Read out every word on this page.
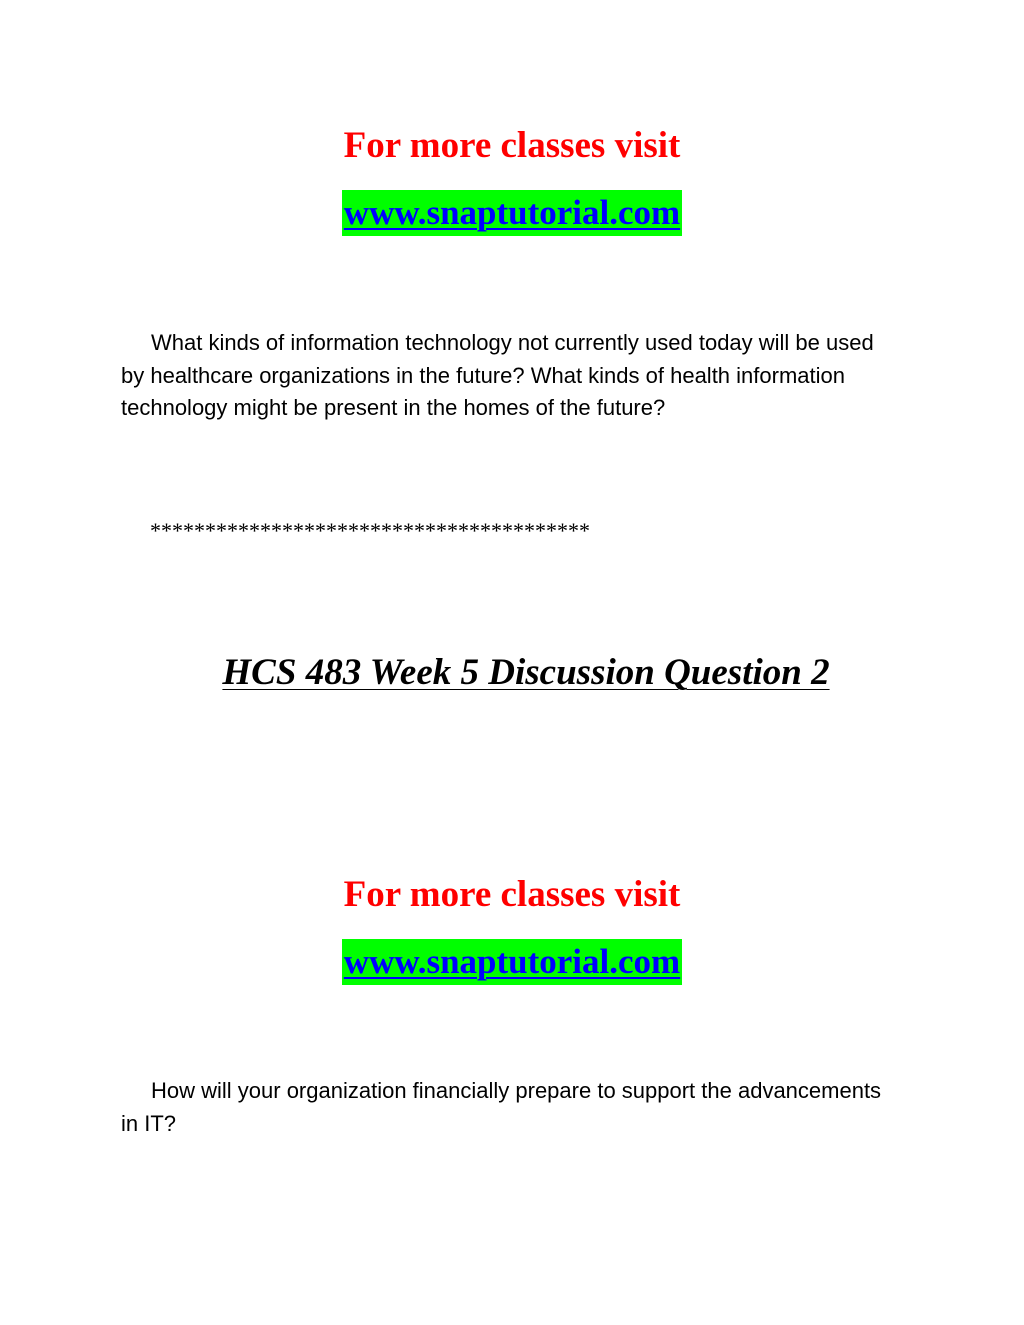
For more classes visit
www.snaptutorial.com

What kinds of information technology not currently used today will be used by healthcare organizations in the future? What kinds of health information technology might be present in the homes of the future?

****************************************

HCS 483 Week 5 Discussion Question 2
For more classes visit
www.snaptutorial.com

How will your organization financially prepare to support the advancements in IT?
